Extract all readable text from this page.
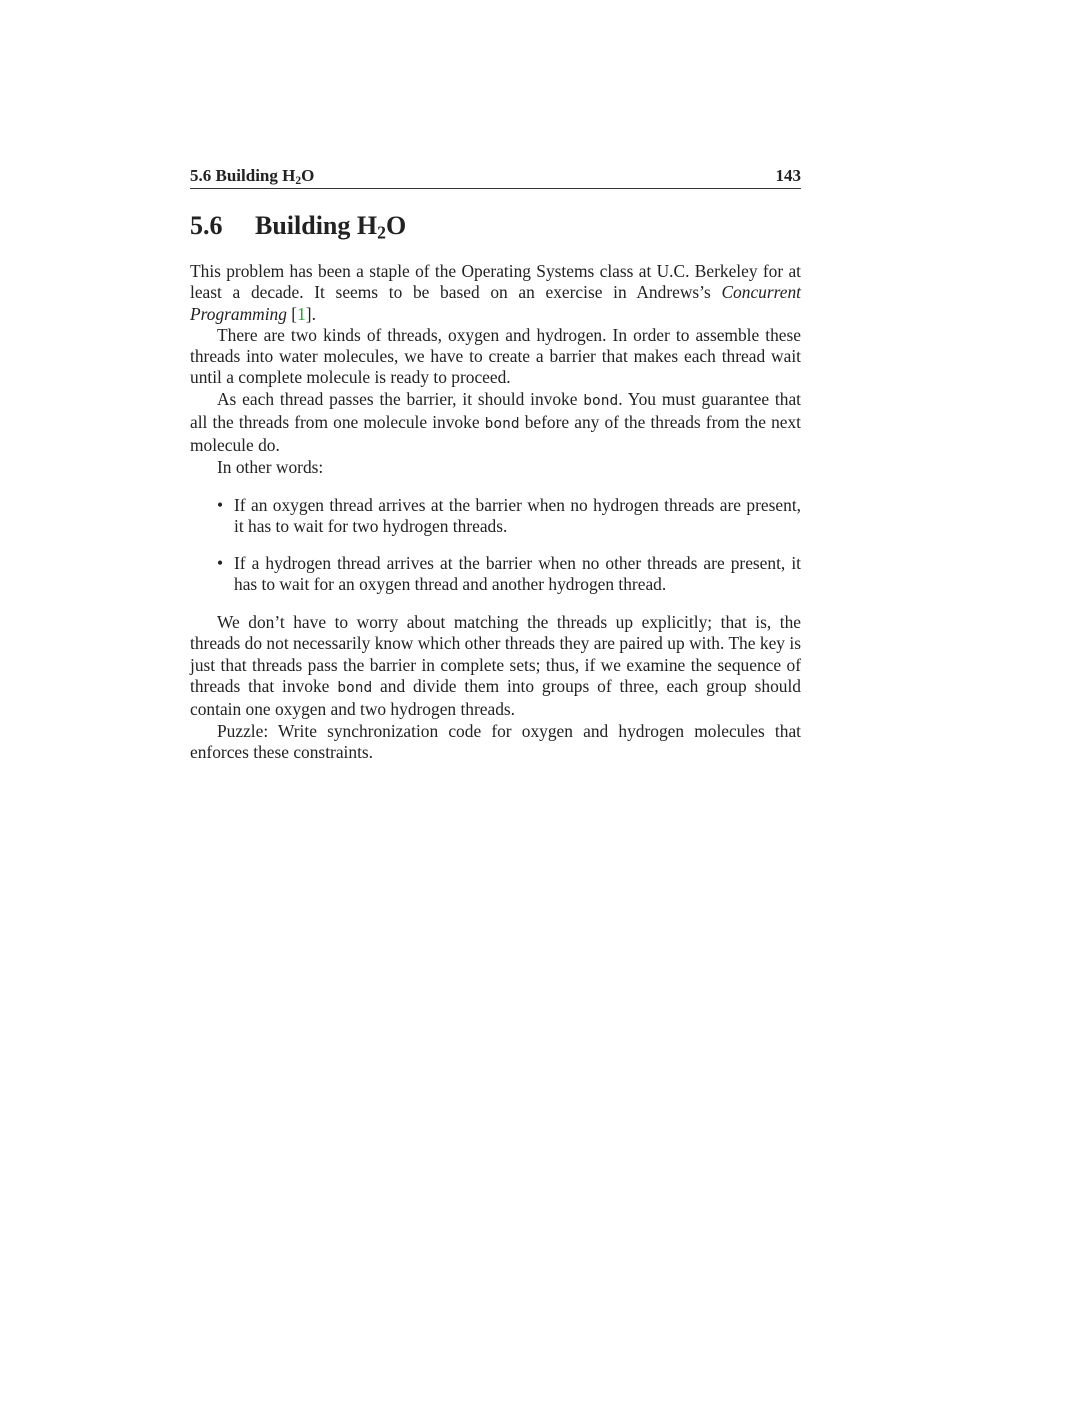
5.6 Building $H_2O$	143
5.6 Building $H_2O$

This problem has been a staple of the Operating Systems class at U.C. Berkeley for at least a decade. It seems to be based on an exercise in Andrews’s Concurrent Programming [1].

There are two kinds of threads, oxygen and hydrogen. In order to assemble these threads into water molecules, we have to create a barrier that makes each thread wait until a complete molecule is ready to proceed.

As each thread passes the barrier, it should invoke bond. You must guarantee that all the threads from one molecule invoke bond before any of the threads from the next molecule do.

In other words:

• If an oxygen thread arrives at the barrier when no hydrogen threads are present, it has to wait for two hydrogen threads.
• If a hydrogen thread arrives at the barrier when no other threads are present, it has to wait for an oxygen thread and another hydrogen thread.

We don’t have to worry about matching the threads up explicitly; that is, the threads do not necessarily know which other threads they are paired up with. The key is just that threads pass the barrier in complete sets; thus, if we examine the sequence of threads that invoke bond and divide them into groups of three, each group should contain one oxygen and two hydrogen threads.

Puzzle: Write synchronization code for oxygen and hydrogen molecules that enforces these constraints.
